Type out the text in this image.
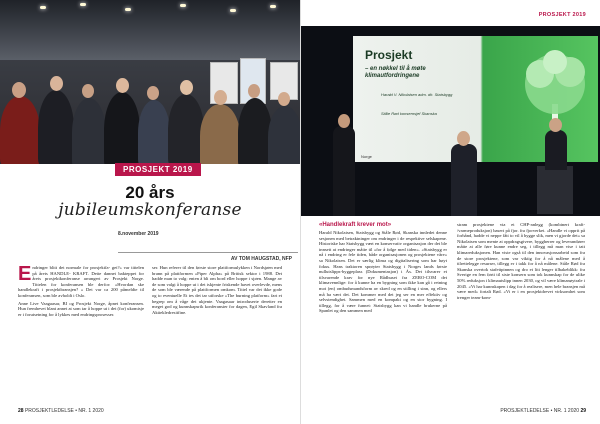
PROSJEKT 2019
20 års
jubileumskonferanse
8.november 2019
AV TOM HAUGSTAD, NFP

Endringer blitt det normale for prosjektfa- get?» var tittelen på årets HANDLE- KRAFT. Dette dannet bakteppet for årets prosjektkonferanse arrangert av Prosjekt Norge. Tittelen for konferansen ble derfor: «Hvordan ske handlekraft i prosjektbransjen? » Det var ca 200 påmeldte til konferansen, som ble avholdt i Oslo.

Anne Live Vaagaasar, BI og Prosjekt Norge, åpnet konferansen. Hun fremhevet blant annet at som tar å hoppe ut i det (for) ukomisje er i forutsetning for å lykkes med endringsprosesser.

ser. Hun referer til den første store plattformulykken i Nordsjøen med brann på plattformen «Piper Alpha» på Britisk sektor i 1988. Det hadde man to valg: enten å bli om bord eller hoppe i sjøen. Mange av de som valgt å hoppe ut i det iskjente friskende havet overlevde, mens de som ble værende på plattformen omkom. Tittel var det ikke gode og to eventuelle Et tes det tar utforske «The burning platform» fart et begrep om å våge det ukjente. Vaagasaar introduserte deretter en meget god og kunnskapsrik konferansier for dagen, Egil Skavland fra Aktiekledresitfine.

28 PROSJEKTLEDELSE • NR. 1 2020
PROSJEKT 2019
Prosjekt
– en nøkkel til å møte klimautfordringene
Harald V. Nikolaisen adm. dir. Statsbygg
Ståle Rød konsernsjef Skanska
Norge
«Handlekraft krever mot»

Harald Nikolaisen, Statsbygg og Ståle Rød, Skanska innledet denne sesjonen med betraktninger om endringer i de respektive selskapene. Historiske har Statsbygg vært en konservativ organisasjon der det ble innsett at endringer måtte til «for å følge med tiden». «Statsbygg er nå i endring er fele tiden, både organisasjonen og prosjektene våre» sa Nikolaisen. Det er særlig klima og digitalisering som har høyt fokus. Hans traktoren sprøyter Statsbygg i Norges lands første nullutslipps-byggeplass (Dokumentasjon) i Ås. Det tilsvarer et tilsvarende krav for nye Rådhuset fra ZERO-COM det klimavennlige: for å kunne ha en bygning som ikke kan gå i retning mot (en) ombudsmandsform av skred og en stilling i sinn, og ellers må ha vært det. Det kommer med det jeg ser en mer effektiv og selvstendighet. Sammen med en kompakt og en stor bygning. I tillegg, for å være funnet: Statsbygg kan vi handle brukerne på Spanlet og den sammen med

stram prosjektene via et CHP-anlegg (kombinert kraft- /varmeproduksjon) basert på fjor. fra fjorverket. «Handle vi opprit på forhånd, hadde vi neppe fått to vil å bygge slik, men vi gjorde det» sa Nikolaisen som mente at oppdragsgivere, byggherrer og leverandører måtte at alle føre kunne endre seg, i tillegg må man vise i tatt klimareduksjonen. Han viste også til den innovasjonsarbeid som fra de store prosjektene, som var viktig for å nå målene med å tilrettelegge resurser, tillegg er i takk for å nå målene. Ståle Rød fra Skanska overtok stafettpinnen og dro et litt lenger tilbakeblikk: fra Sverige en fem førti til siste konsern som tok kunnskap for de ulike 50% reduksjon i klimautslipp innen 2030, og vil være klimanøytrale i 2045. «Vi har kunnskapen i dag for å realisere, men hele bransjen må være med» fortalt Rød. «Vi er i en prosjektdrevet virksomhet som trenger team-kom-

PROSJEKTLEDELSE • NR. 1 2020 29
